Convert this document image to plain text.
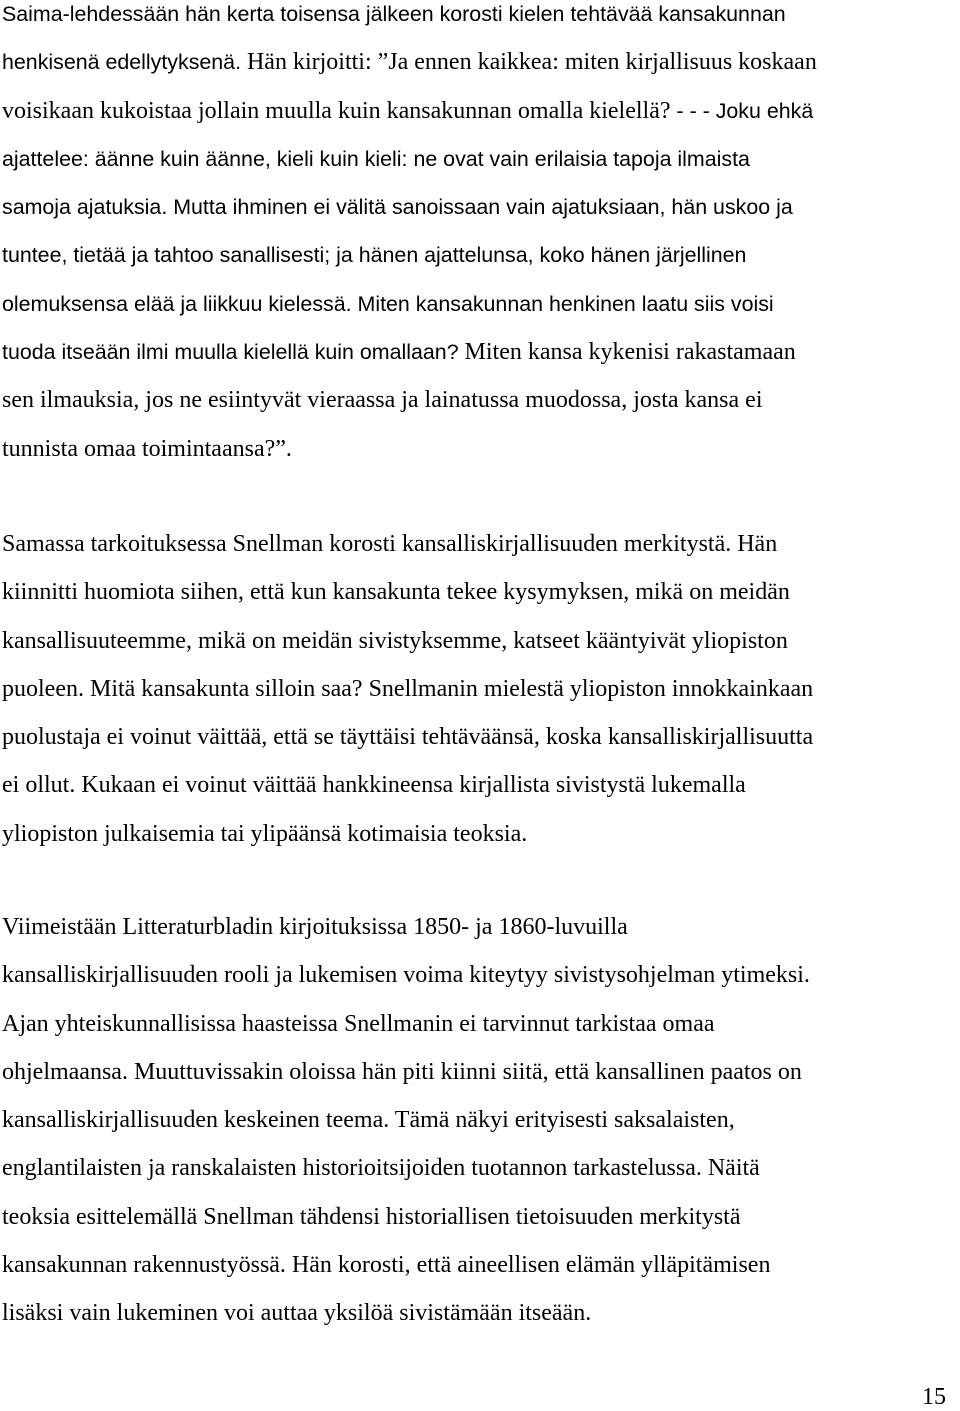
Saima-lehdessään hän kerta toisensa jälkeen korosti kielen tehtävää kansakunnan
henkisenä edellytyksenä. Hän kirjoitti: ”Ja ennen kaikkea: miten kirjallisuus koskaan
voisikaan kukoistaa jollain muulla kuin kansakunnan omalla kielellä? - - - Joku ehkä
ajattelee: äänne kuin äänne, kieli kuin kieli: ne ovat vain erilaisia tapoja ilmaista
samoja ajatuksia. Mutta ihminen ei välitä sanoissaan vain ajatuksiaan, hän uskoo ja
tuntee, tietää ja tahtoo sanallisesti; ja hänen ajattelunsa, koko hänen järjellinen
olemuksensa elää ja liikkuu kielessä. Miten kansakunnan henkinen laatu siis voisi
tuoda itseään ilmi muulla kielellä kuin omallaan? Miten kansa kykenisi rakastamaan
sen ilmauksia, jos ne esiintyvät vieraassa ja lainatussa muodossa, josta kansa ei
tunnista omaa toimintaansa?”.

Samassa tarkoituksessa Snellman korosti kansalliskirjallisuuden merkitystä. Hän
kiinnitti huomiota siihen, että kun kansakunta tekee kysymyksen, mikä on meidän
kansallisuuteemme, mikä on meidän sivistyksemme, katseet kääntyivät yliopiston
puoleen. Mitä kansakunta silloin saa? Snellmanin mielestä yliopiston innokkainkaan
puolustaja ei voinut väittää, että se täyttäisi tehtäväänsä, koska kansalliskirjallisuutta
ei ollut. Kukaan ei voinut väittää hankkineensa kirjallista sivistystä lukemalla
yliopiston julkaisemia tai ylipäänsä kotimaisia teoksia.

Viimeistään Litteraturbladin kirjoituksissa 1850- ja 1860-luvuilla
kansalliskirjallisuuden rooli ja lukemisen voima kiteytyy sivistysohjelman ytimeksi.
Ajan yhteiskunnallisissa haasteissa Snellmanin ei tarvinnut tarkistaa omaa
ohjelmaansa. Muuttuvissakin oloissa hän piti kiinni siitä, että kansallinen paatos on
kansalliskirjallisuuden keskeinen teema. Tämä näkyi erityisesti saksalaisten,
englantilaisten ja ranskalaisten historioitsijoiden tuotannon tarkastelussa. Näitä
teoksia esittelemällä Snellman tähdensi historiallisen tietoisuuden merkitystä
kansakunnan rakennustyössä. Hän korosti, että aineellisen elämän ylläpitämisen
lisäksi vain lukeminen voi auttaa yksilöä sivistämään itseään.

15
